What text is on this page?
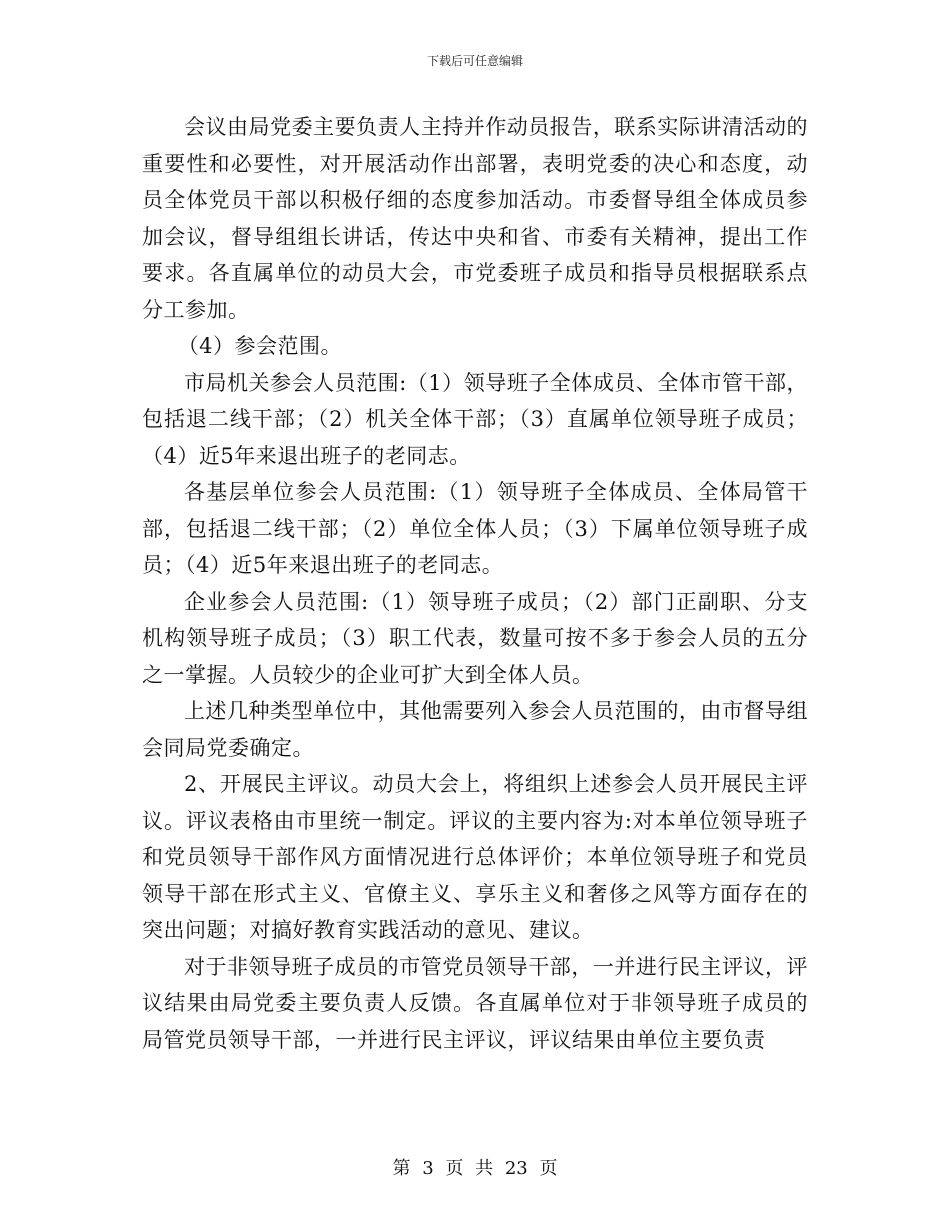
下载后可任意编辑

会议由局党委主要负责人主持并作动员报告，联系实际讲清活动的重要性和必要性，对开展活动作出部署，表明党委的决心和态度，动员全体党员干部以积极仔细的态度参加活动。市委督导组全体成员参加会议，督导组组长讲话，传达中央和省、市委有关精神，提出工作要求。各直属单位的动员大会，市党委班子成员和指导员根据联系点分工参加。

（4）参会范围。

市局机关参会人员范围:（1）领导班子全体成员、全体市管干部，包括退二线干部；（2）机关全体干部；（3）直属单位领导班子成员；（4）近5年来退出班子的老同志。

各基层单位参会人员范围:（1）领导班子全体成员、全体局管干部，包括退二线干部；（2）单位全体人员；（3）下属单位领导班子成员；（4）近5年来退出班子的老同志。

企业参会人员范围:（1）领导班子成员；（2）部门正副职、分支机构领导班子成员；（3）职工代表，数量可按不多于参会人员的五分之一掌握。人员较少的企业可扩大到全体人员。

上述几种类型单位中，其他需要列入参会人员范围的，由市督导组会同局党委确定。

2、开展民主评议。动员大会上，将组织上述参会人员开展民主评议。评议表格由市里统一制定。评议的主要内容为:对本单位领导班子和党员领导干部作风方面情况进行总体评价；本单位领导班子和党员领导干部在形式主义、官僚主义、享乐主义和奢侈之风等方面存在的突出问题；对搞好教育实践活动的意见、建议。

对于非领导班子成员的市管党员领导干部，一并进行民主评议，评议结果由局党委主要负责人反馈。各直属单位对于非领导班子成员的局管党员领导干部，一并进行民主评议，评议结果由单位主要负责

第 3 页 共 23 页
